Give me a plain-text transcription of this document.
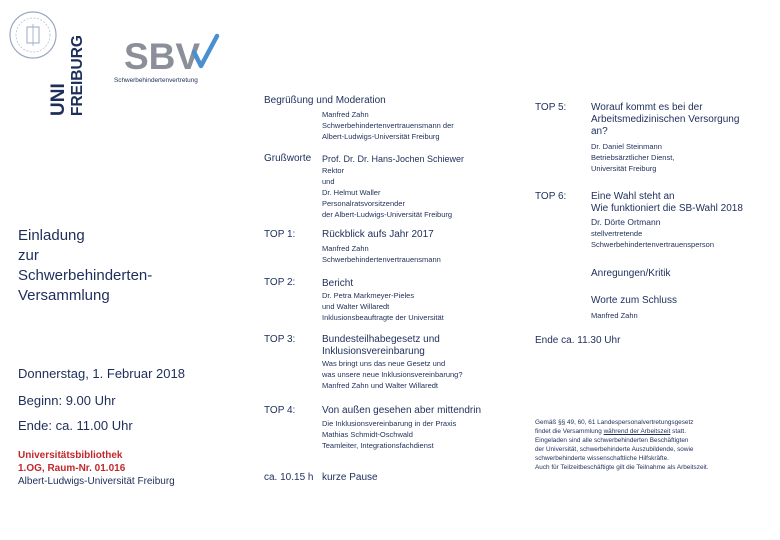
UNI FREIBURG SBV
Schwerbehindertenvertretung
Einladung
zur
Schwerbehinderten-
Versammlung
Donnerstag, 1. Februar 2018
Beginn: 9.00 Uhr
Ende: ca. 11.00 Uhr
Universitätsbibliothek
1.OG, Raum-Nr. 01.016
Albert-Ludwigs-Universität Freiburg
Begrüßung und Moderation
Manfred Zahn
Schwerbehindertenvertrauensmann der
Albert-Ludwigs-Universität Freiburg
Grußworte Prof. Dr. Dr. Hans-Jochen Schiewer
Rektor
und
Dr. Helmut Waller
Personalratsvorsitzender
der Albert-Ludwigs-Universität Freiburg
TOP 1:	Rückblick aufs Jahr 2017
Manfred Zahn
Schwerbehindertenvertrauensmann
TOP 2:	Bericht
Dr. Petra Markmeyer-Pieles
und Walter Willaredt
Inklusionsbeauftragte der Universität
TOP 3:	Bundesteilhabegesetz und
Inklusionsvereinbarung
Was bringt uns das neue Gesetz und
was unsere neue Inklusionsvereinbarung?
Manfred Zahn und Walter Willaredt
TOP 4:	Von außen gesehen aber mittendrin
Die Inklusionsvereinbarung in der Praxis
Mathias Schmidt-Oschwald
Teamleiter, Integrationsfachdienst
ca. 10.15 h kurze Pause
TOP 5: Worauf kommt es bei der
Arbeitsmedizinischen Versorgung
an?
Dr. Daniel Steinmann
Betriebsärztlicher Dienst,
Universität Freiburg
TOP 6: Eine Wahl steht an
Wie funktioniert die SB-Wahl 2018
Dr. Dörte Ortmann
stellvertretende
Schwerbehindertenvertrauensperson
Anregungen/Kritik
Worte zum Schluss
Manfred Zahn
Ende ca. 11.30 Uhr
Gemäß §§ 49, 60, 61 Landespersonalvertretungsgesetz
findet die Versammlung während der Arbeitszeit statt.
Eingeladen sind alle schwerbehinderten Beschäftigten
der Universität, schwerbehinderte Auszubildende, sowie
schwerbehinderte wissenschaftliche Hilfskräfte.
Auch für Teilzeitbeschäftigte gilt die Teilnahme als Arbeitszeit.
